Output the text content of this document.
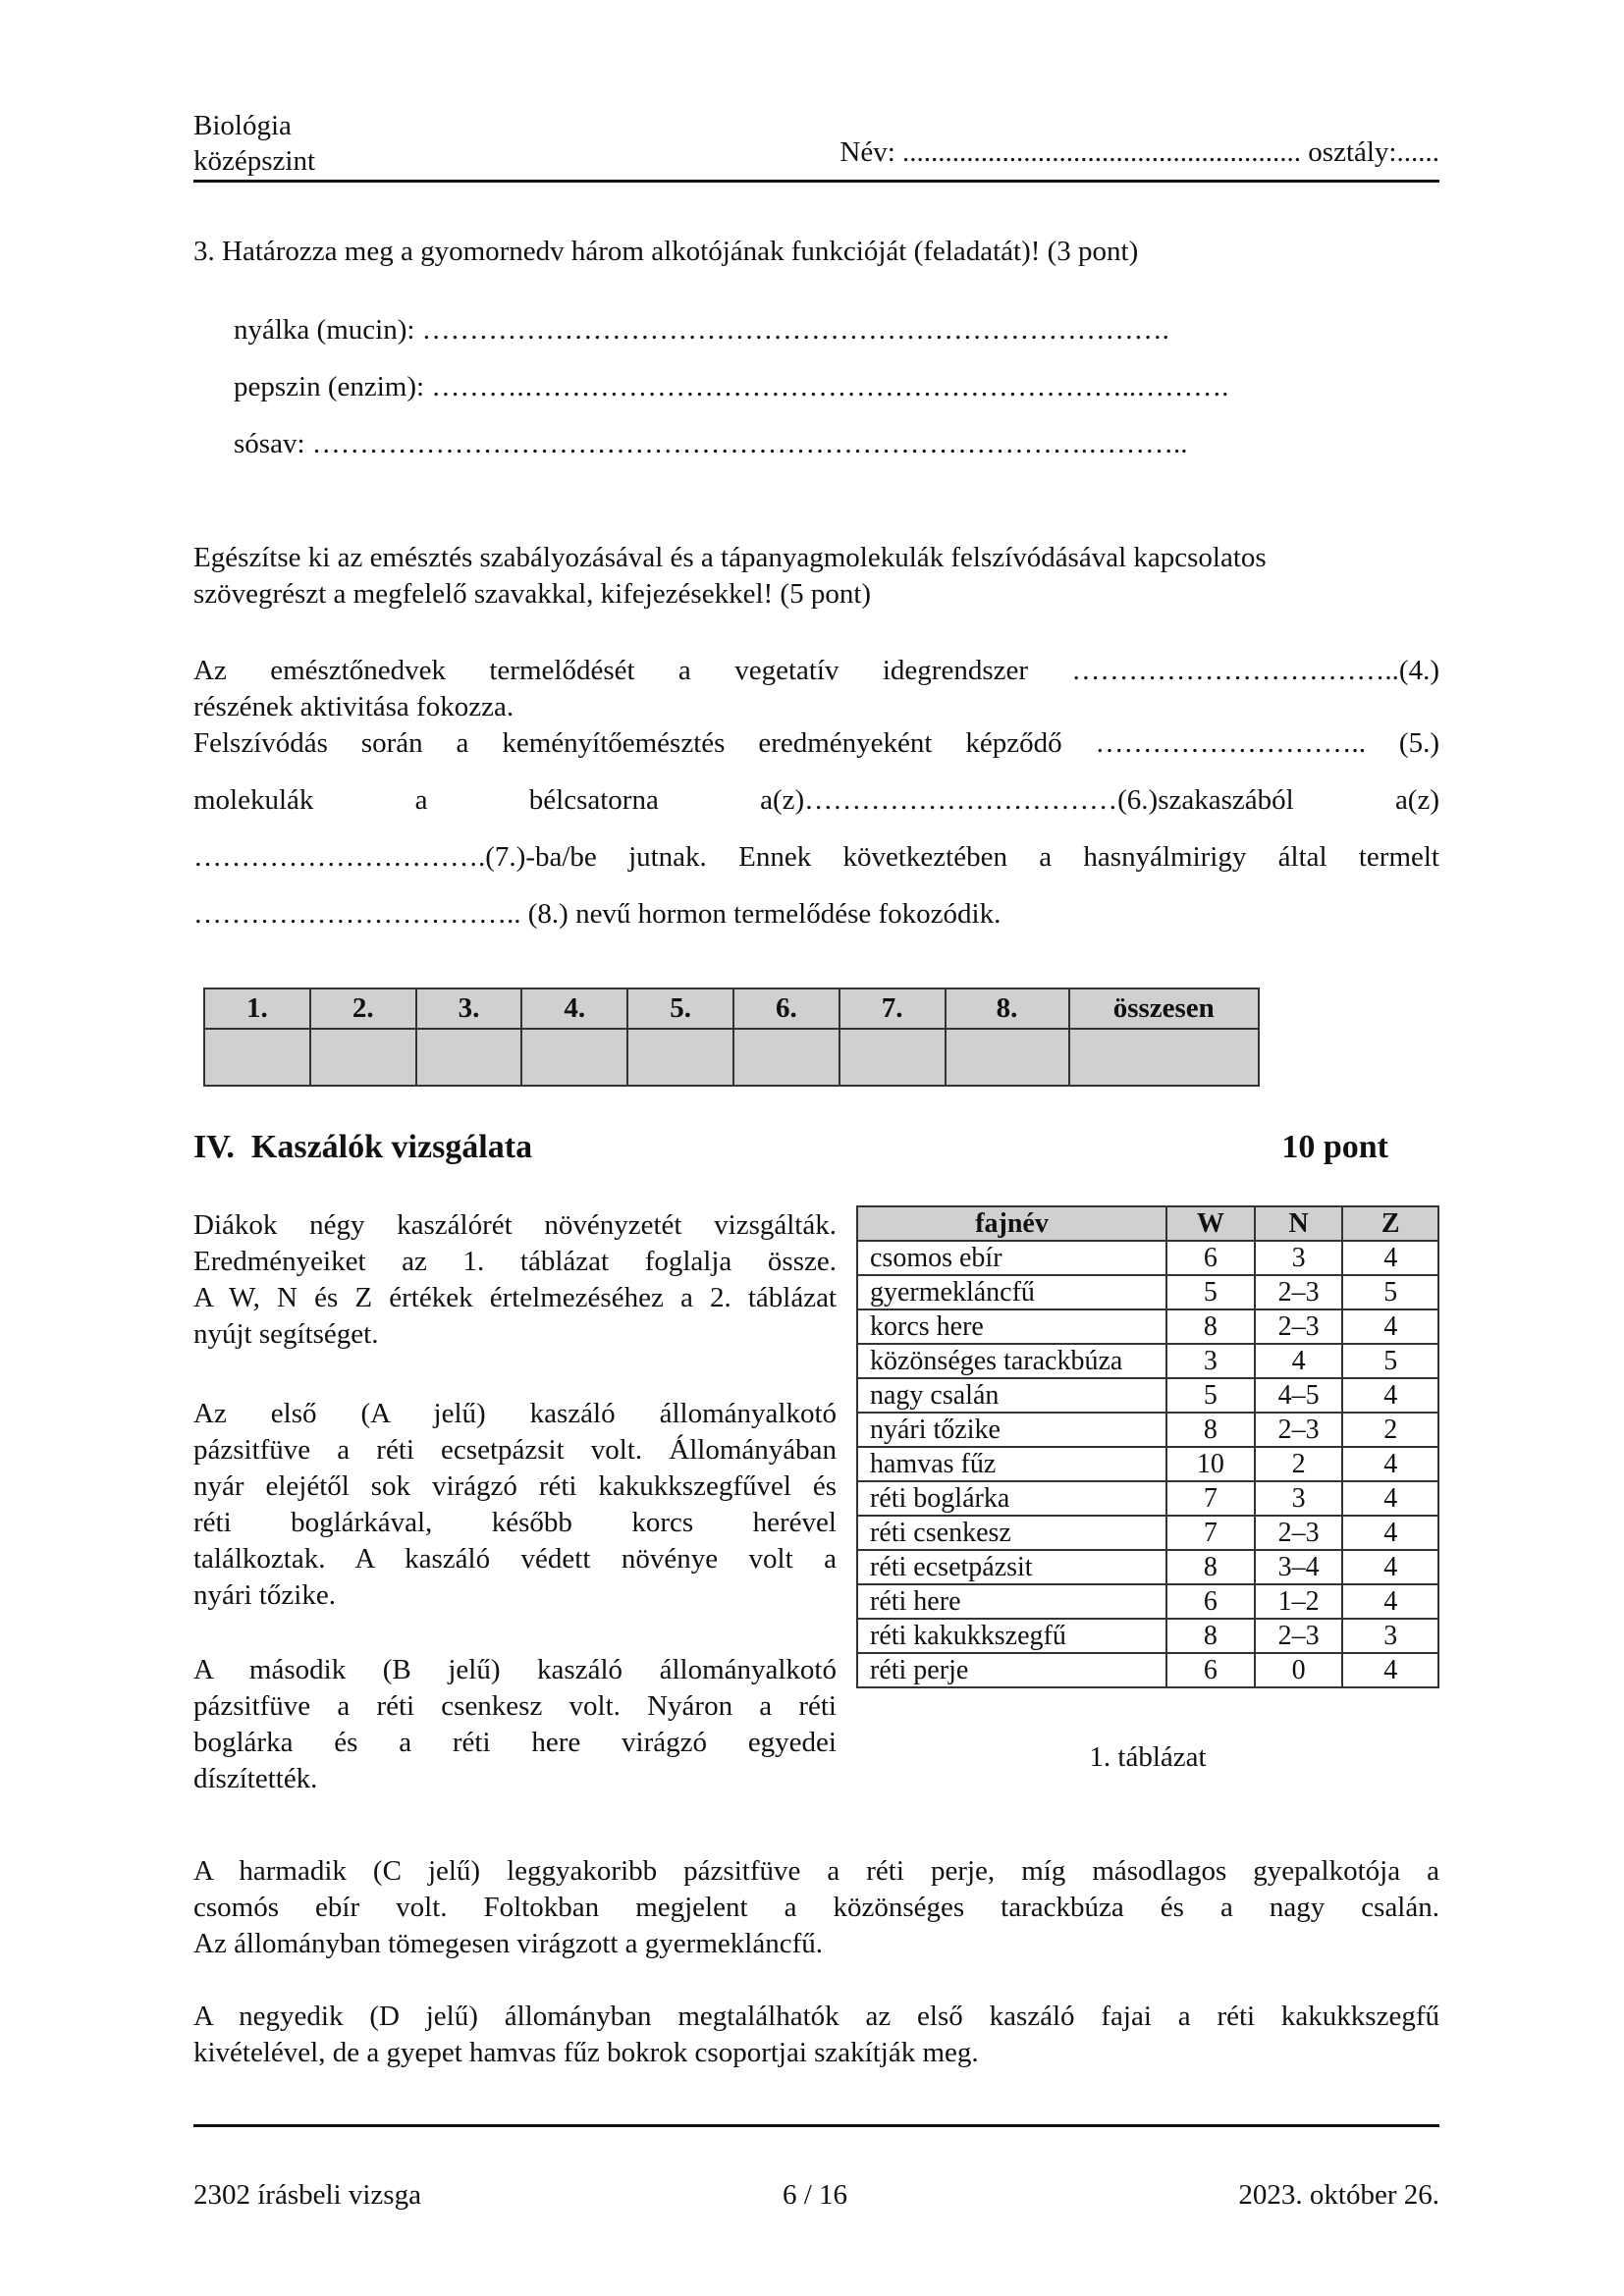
Biológia
középszint	Név: ........................................................ osztály:......
3. Határozza meg a gyomornedv három alkotójának funkcióját (feladatát)! (3 pont)
nyálka (mucin): …………………………………………………………………….
pepszin (enzim): ……….………………………………………………………..……….
sósav: ……………………………………………………………………….………..
Egészítse ki az emésztés szabályozásával és a tápanyagmolekulák felszívódásával kapcsolatos
szövegrészt a megfelelő szavakkal, kifejezésekkel! (5 pont)
Az emésztőnedvek termelődését a vegetatív idegrendszer ……………………………..(4.)
részének aktivitása fokozza.
Felszívódás során a keményítőemésztés eredményeként képződő ……………………….. (5.)
molekulák a bélcsatorna a(z)……………………………(6.)szakaszából a(z)
………………………….(7.)-ba/be jutnak. Ennek következtében a hasnyálmirigy által termelt
…………………………….. (8.) nevű hormon termelődése fokozódik.
1.	2.	3.	4.	5.	6.	7.	8.	összesen

IV.  Kaszálók vizsgálata	10 pont
Diákok négy kaszálórét növényzetét vizsgálták.
Eredményeiket az 1. táblázat foglalja össze.
A W, N és Z értékek értelmezéséhez a 2. táblázat
nyújt segítséget.
Az első (A jelű) kaszáló állományalkotó
pázsitfüve a réti ecsetpázsit volt. Állományában
nyár elejétől sok virágzó réti kakukkszegfűvel és
réti boglárkával, később korcs herével
találkoztak. A kaszáló védett növénye volt a
nyári tőzike.
A második (B jelű) kaszáló állományalkotó
pázsitfüve a réti csenkesz volt. Nyáron a réti
boglárka és a réti here virágzó egyedei
díszítették.
fajnév	W	N	Z
csomos ebír	6	3	4
gyermekláncfű	5	2–3	5
korcs here	8	2–3	4
közönséges tarackbúza	3	4	5
nagy csalán	5	4–5	4
nyári tőzike	8	2–3	2
hamvas fűz	10	2	4
réti boglárka	7	3	4
réti csenkesz	7	2–3	4
réti ecsetpázsit	8	3–4	4
réti here	6	1–2	4
réti kakukkszegfű	8	2–3	3
réti perje	6	0	4
1. táblázat
A harmadik (C jelű) leggyakoribb pázsitfüve a réti perje, míg másodlagos gyepalkotója a
csomós ebír volt. Foltokban megjelent a közönséges tarackbúza és a nagy csalán.
Az állományban tömegesen virágzott a gyermekláncfű.
A negyedik (D jelű) állományban megtalálhatók az első kaszáló fajai a réti kakukkszegfű
kivételével, de a gyepet hamvas fűz bokrok csoportjai szakítják meg.
2302 írásbeli vizsga	6 / 16	2023. október 26.
